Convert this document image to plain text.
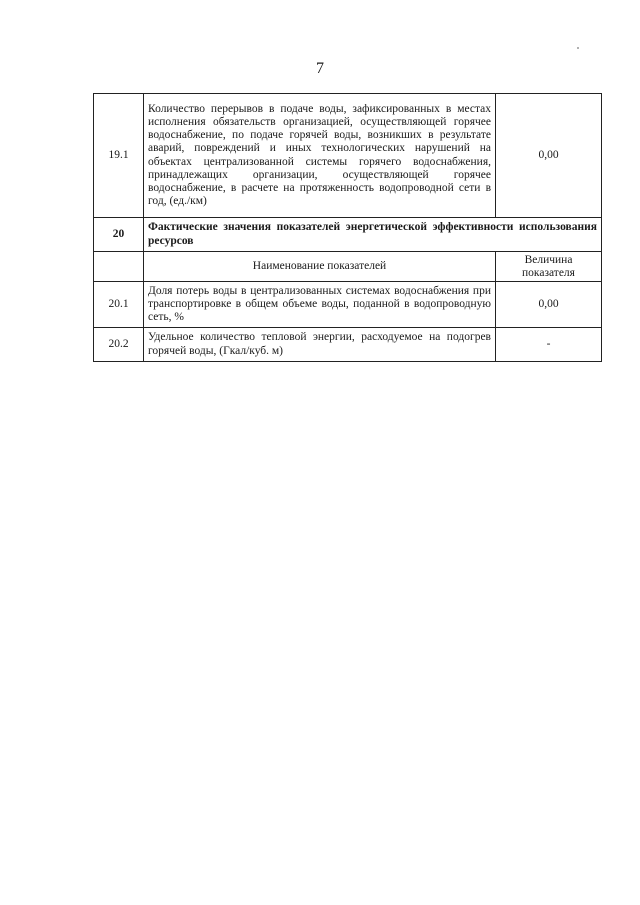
7
19.1	Количество перерывов в подаче воды, зафиксированных в местах исполнения обязательств организацией, осуществляющей горячее водоснабжение, по подаче горячей воды, возникших в результате аварий, повреждений и иных технологических нарушений на объектах централизованной системы горячего водоснабжения, принадлежащих организации, осуществляющей горячее водоснабжение, в расчете на протяженность водопроводной сети в год, (ед./км)	0,00
20	Фактические значения показателей энергетической эффективности использования ресурсов	
	Наименование показателей	Величина показателя
20.1	Доля потерь воды в централизованных системах водоснабжения при транспортировке в общем объеме воды, поданной в водопроводную сеть, %	0,00
20.2	Удельное количество тепловой энергии, расходуемое на подогрев горячей воды, (Гкал/куб. м)	-
